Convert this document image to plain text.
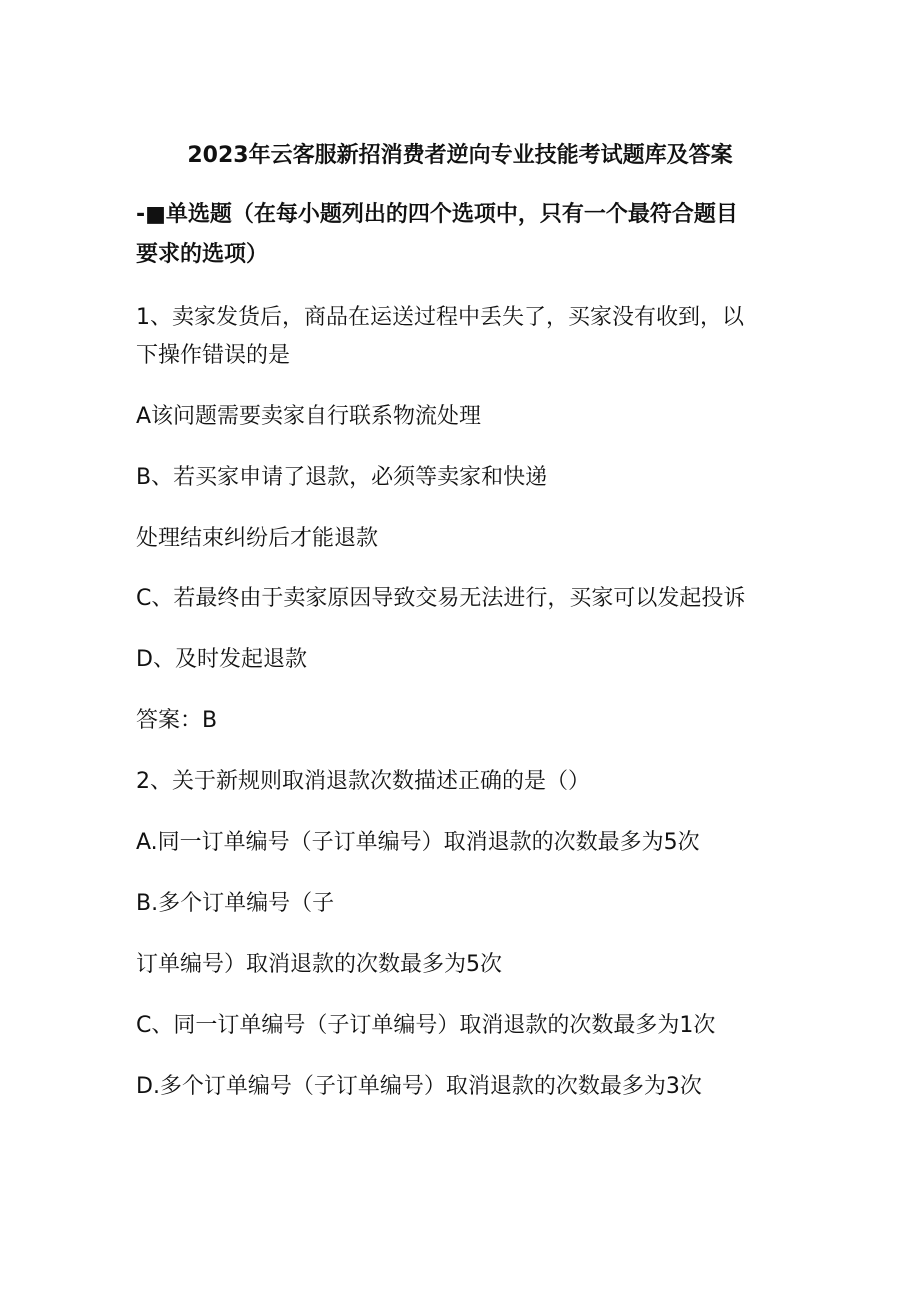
2023年云客服新招消费者逆向专业技能考试题库及答案
-■单选题（在每小题列出的四个选项中，只有一个最符合题目
要求的选项）
1、卖家发货后，商品在运送过程中丢失了，买家没有收到，以
下操作错误的是
A该问题需要卖家自行联系物流处理
B、若买家申请了退款，必须等卖家和快递
处理结束纠纷后才能退款
C、若最终由于卖家原因导致交易无法进行，买家可以发起投诉
D、及时发起退款
答案：B
2、关于新规则取消退款次数描述正确的是（）
A.同一订单编号（子订单编号）取消退款的次数最多为5次
B.多个订单编号（子
订单编号）取消退款的次数最多为5次
C、同一订单编号（子订单编号）取消退款的次数最多为1次
D.多个订单编号（子订单编号）取消退款的次数最多为3次
